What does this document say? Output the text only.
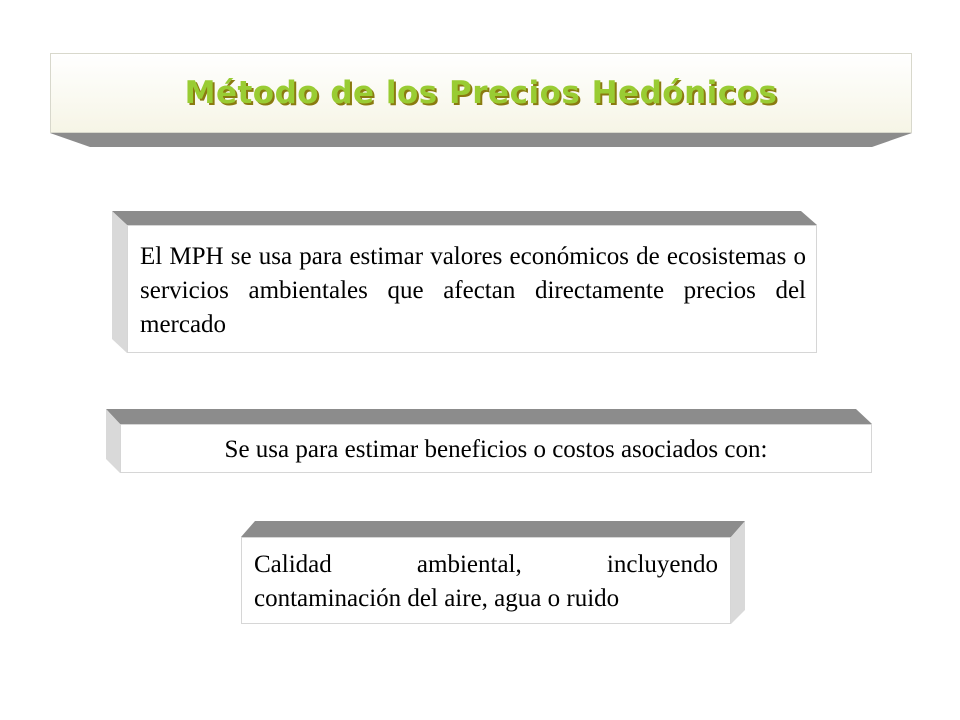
Método de los Precios Hedónicos
El MPH se usa para estimar valores económicos de ecosistemas o servicios ambientales que afectan directamente precios del mercado
Se usa para estimar beneficios o costos asociados con:
Calidad ambiental, incluyendo
contaminación del aire, agua o ruido
